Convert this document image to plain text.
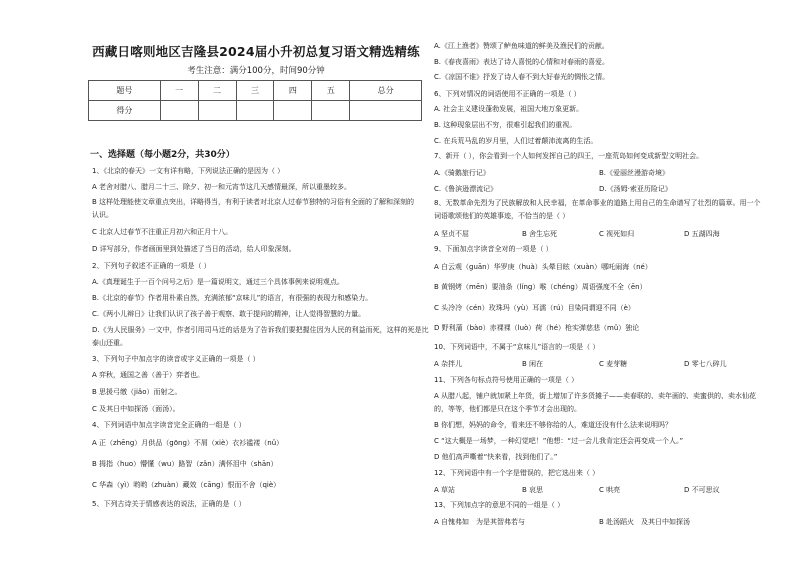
西藏日喀则地区吉隆县2024届小升初总复习语文精选精练
考生注意：满分100分，时间90分钟
题号	一	二	三	四	五	总分
得分						
一、选择题（每小题2分，共30分）
1、《北京的春天》一文有详有略，下列说法正确的是因为（ ）
A 老舍对腊八、腊月二十三、除夕、初一和元宵节这几天感情最深，所以重墨较多。
B 这样处理能使文章重点突出，详略得当，有利于读者对北京人过春节独特的习俗有全面的了解和深刻的
认识。
C 北京人过春节不注重正月初六和正月十八。
D 详写部分，作者画面里到处描述了当日的活动，给人印象深刻。
2、下列句子叙述不正确的一项是（ ）
A.《真理诞生于一百个问号之后》是一篇说明文，通过三个具体事例来说明观点。
B.《北京的春节》作者用朴素自然，充满浓郁“京味儿”的语言，有很强的表现力和感染力。
C.《两小儿辩日》让我们认识了孩子善于观察、敢于提问的精神，让人觉得智慧的力量。
D.《为人民服务》一文中，作者引用司马迁的话是为了告诉我们要把握住因为人民的利益而死，这样的死是比
泰山还重。
3、下列句子中加点字的读音或字义正确的一项是（ ）
A 弈秋，通国之善（善于）弈者也。
B 思援弓缴（jiǎo）而射之。
C 及其日中如探汤（面汤）。
4、下列词语中加点字读音完全正确的一组是（ ）
A 正（zhēng）月供品（gōng）不屑（xiè）衣衫褴褛（nǔ）
B 拇指（huo）懵懂（wu）路智（zǎn）满怀泪中（shān）
C 华森（yì）哟哟（zhuàn）藏效（cāng）恨而不舍（qiè）
5、下列古诗关于情感表达的说法，正确的是（ ）
A.《江上渔者》赞颂了鲈鱼味道的鲜美及渔民们的贡献。
B.《春夜喜雨》表达了诗人喜悦的心情和对春雨的喜爱。
C.《凉国不谁》抒发了诗人春不到大好春光的惆怅之情。
6、下列对情况的词语使用不正确的一项是（ ）
A. 社会主义建设蓬勃发展，祖国大地万象更新。
B. 这种现象层出不穷，很难引起我们的重视。
C. 在兵荒马乱的岁月里，人们过着颠沛流离的生活。
7、新开（ ），你会看到一个人如何发挥自己的四王，一座荒岛如何变成新型文明社会。
A.《骑鹅旅行记》	B.《爱丽丝漫游奇境》
C.《鲁滨逊漂流记》	D.《汤姆·索亚历险记》
8、无数革命先烈为了民族解放和人民幸福，在革命事业的道路上用自己的生命谱写了壮烈的篇章。用一个
词语歌颂他们的英雄事迹，不恰当的是（ ）
A 坚贞不屈	B 舍生忘死	C 视死如归	D 五湖四海
9、下面加点字读音全对的一项是（ ）
A 白云观（guān）华罗庚（huà）头晕目眩（xuàn）哪吒闹海（né）
B 黄钢烤（mēn）要油条（líng）喉（chéng）周语强度不全（ēn）
C 头冷冷（cén）玫珠玛（yù）耳濡（rú）目染同谓迎不同（è）
D 野利蒲（bào）赤裸裸（luò）荷（hé）枪实弹慈悲（mǔ）独论
10、下列词语中，不属于“京味儿”语言的一项是（ ）
A 杂拌儿	B 闲在	C 麦芽糖	D 零七八碎儿
11、下列各句标点符号使用正确的一项是（ ）
A 从腊八起，铺户就加紧上年货，街上增加了许多货摊子——卖春联的、卖年画的、卖蜜供的、卖水仙花
的，等等，他们都是只在这个季节才会出现的。
B 你们想，妈妈的命令，看来还不够你给的人，难道还没有什么法来说明吗？
C “这大概是一场梦，一种幻觉吧！”他想：“过一会儿我肯定还会再变成一个人。”
D 他们高声嘶着“快来看，找到他们了。”
12、下列词语中有一个字是错误的，把它选出来（ ）
A 草站	B 哀思	C 哄亮	D 不可思议
13、下列加点字的意思不同的一组是（ ）
A 自愧弗如　为是其智弗若与	B 赴汤蹈火　及其日中如探汤
